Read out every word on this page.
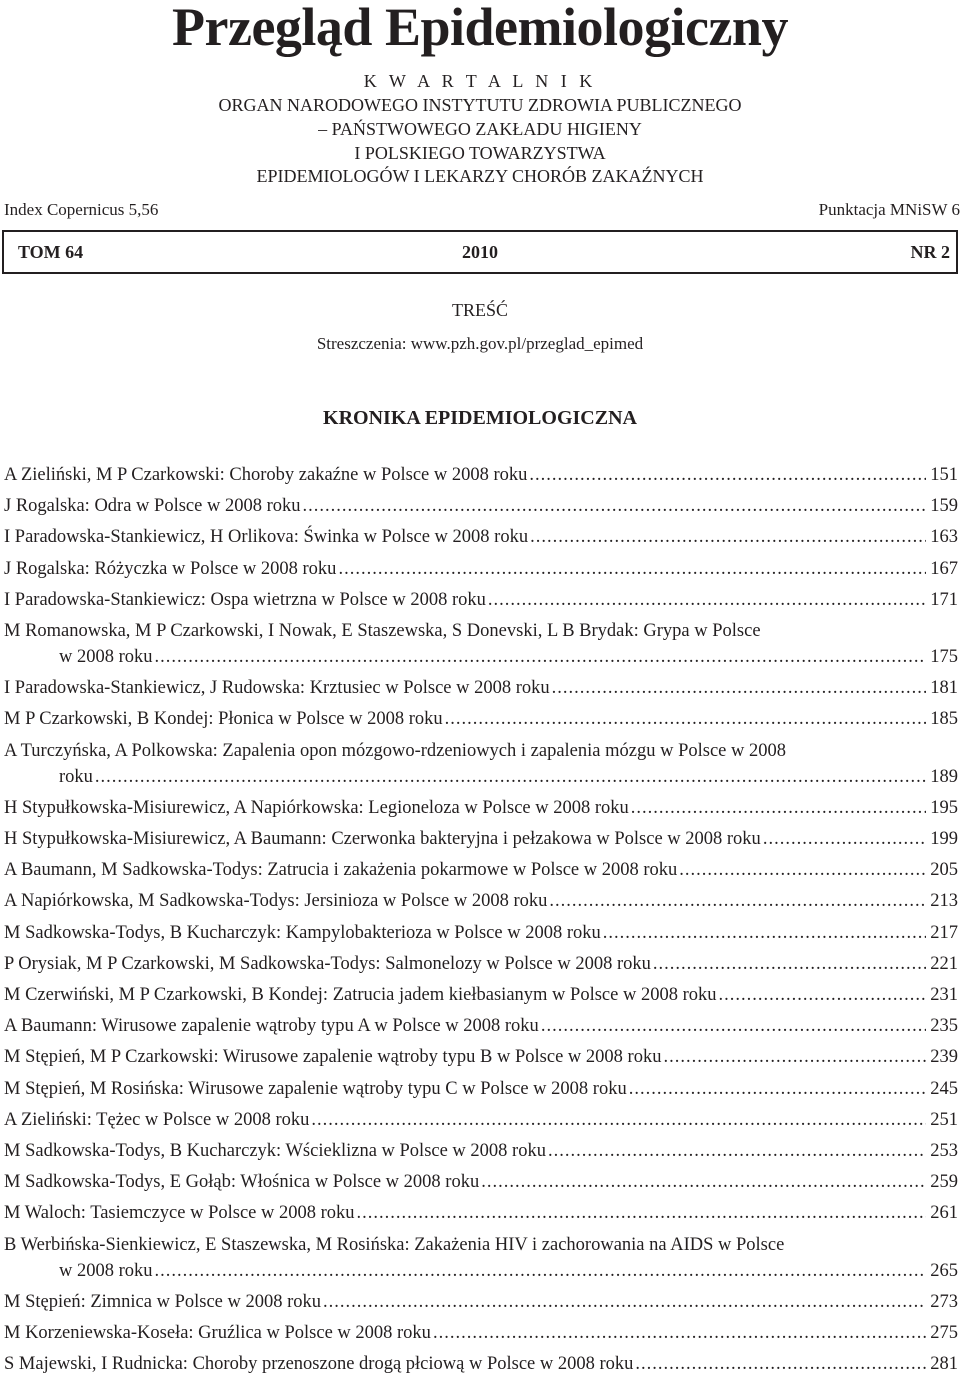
Przegląd Epidemiologiczny
K W A R T A L N I K
ORGAN NARODOWEGO INSTYTUTU ZDROWIA PUBLICZNEGO
– PAŃSTWOWEGO ZAKŁADU HIGIENY
I POLSKIEGO TOWARZYSTWA
EPIDEMIOLOGÓW I LEKARZY CHORÓB ZAKAŹNYCH
Index Copernicus 5,56	Punktacja MNiSW 6
2010
TOM 64	NR 2
TREŚĆ
Streszczenia: www.pzh.gov.pl/przeglad_epimed
KRONIKA EPIDEMIOLOGICZNA
A Zieliński, M P Czarkowski: Choroby zakaźne w Polsce w 2008 roku	151
.....
J Rogalska: Odra w Polsce w 2008 roku	159
.....
I Paradowska-Stankiewicz, H Orlikova: Świnka w Polsce w 2008 roku	163
.....
J Rogalska: Różyczka w Polsce w 2008 roku	167
.....
I Paradowska-Stankiewicz: Ospa wietrzna w Polsce w 2008 roku	171
.....
M Romanowska, M P Czarkowski, I Nowak, E Staszewska, S Donevski, L B Brydak: Grypa w Polsce
w 2008 roku	175
.....
I Paradowska-Stankiewicz, J Rudowska: Krztusiec w Polsce w 2008 roku	181
.....
M P Czarkowski, B Kondej: Płonica w Polsce w 2008 roku	185
.....
A Turczyńska, A Polkowska: Zapalenia opon mózgowo-rdzeniowych i zapalenia mózgu w Polsce w 2008
roku	189
.....
H Stypułkowska-Misiurewicz, A Napiórkowska: Legioneloza w Polsce w 2008 roku	195
.....
H Stypułkowska-Misiurewicz, A Baumann: Czerwonka bakteryjna i pełzakowa w Polsce w 2008 roku	199
.....
A Baumann, M Sadkowska-Todys: Zatrucia i zakażenia pokarmowe w Polsce w 2008 roku	205
.....
A Napiórkowska, M Sadkowska-Todys: Jersinioza w Polsce w 2008 roku	213
.....
M Sadkowska-Todys, B Kucharczyk: Kampylobakterioza w Polsce w 2008 roku	217
.....
P Orysiak, M P Czarkowski, M Sadkowska-Todys: Salmonelozy w Polsce w 2008 roku	221
.....
M Czerwiński, M P Czarkowski, B Kondej: Zatrucia jadem kiełbasianym w Polsce w 2008 roku	231
.....
A Baumann: Wirusowe zapalenie wątroby typu A w Polsce w 2008 roku	235
.....
M Stępień, M P Czarkowski: Wirusowe zapalenie wątroby typu B w Polsce w 2008 roku	239
.....
M Stępień, M Rosińska: Wirusowe zapalenie wątroby typu C w Polsce w 2008 roku	245
.....
A Zieliński: Tężec w Polsce w 2008 roku	251
.....
M Sadkowska-Todys, B Kucharczyk: Wścieklizna w Polsce w 2008 roku	253
.....
M Sadkowska-Todys, E Gołąb: Włośnica w Polsce w 2008 roku	259
.....
M Waloch: Tasiemczyce w Polsce w 2008 roku	261
.....
B Werbińska-Sienkiewicz, E Staszewska, M Rosińska: Zakażenia HIV i zachorowania na AIDS w Polsce
w 2008 roku	265
.....
M Stępień: Zimnica w Polsce w 2008 roku	273
.....
M Korzeniewska-Koseła: Gruźlica w Polsce w 2008 roku	275
.....
S Majewski, I Rudnicka: Choroby przenoszone drogą płciową w Polsce w 2008 roku	281
.....
